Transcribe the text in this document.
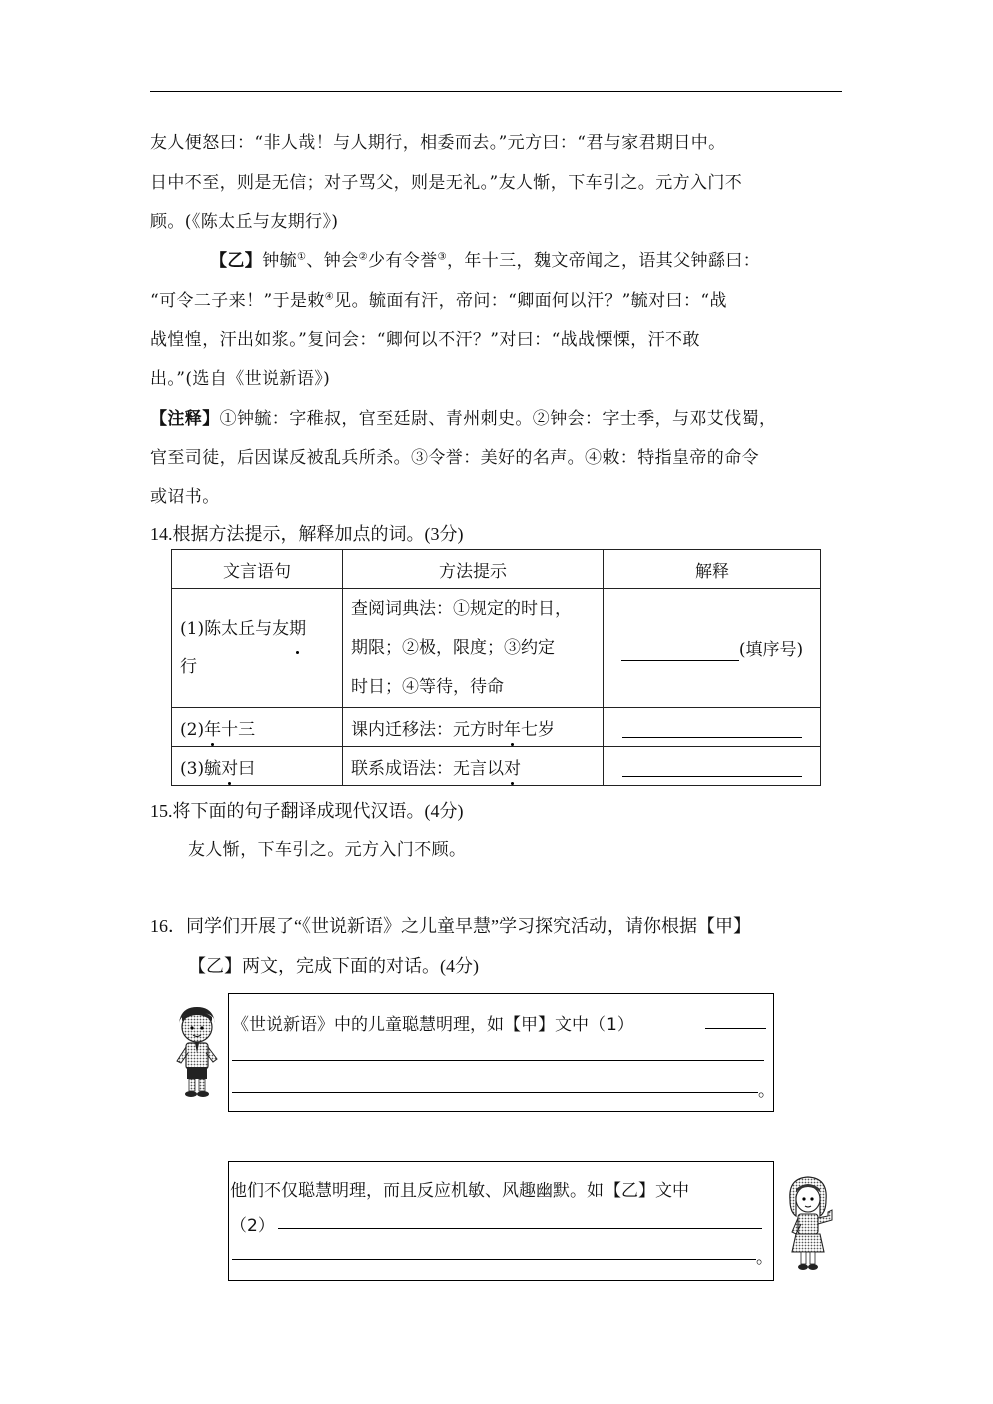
友人便怒曰：“非人哉！与人期行，相委而去。”元方曰：“君与家君期日中。
日中不至，则是无信；对子骂父，则是无礼。”友人惭，下车引之。元方入门不
顾。(《陈太丘与友期行》)
【乙】钟毓①、钟会②少有令誉③，年十三，魏文帝闻之，语其父钟繇曰：
“可令二子来！”于是敕④见。毓面有汗，帝问：“卿面何以汗？”毓对曰：“战
战惶惶，汗出如浆。”复问会：“卿何以不汗？”对曰：“战战慄慄，汗不敢
出。”(选自《世说新语》)
【注释】①钟毓：字稚叔，官至廷尉、青州刺史。②钟会：字士季，与邓艾伐蜀，
官至司徒，后因谋反被乱兵所杀。③令誉：美好的名声。④敕：特指皇帝的命令
或诏书。
14.根据方法提示，解释加点的词。(3分)
文言语句	方法提示	解释
(1)陈太丘与友期
行	查阅词典法：①规定的时日，
期限；②极，限度；③约定
时日；④等待，待命	(填序号)
(2)年十三	课内迁移法：元方时年七岁	
(3)毓对曰	联系成语法：无言以对	
15.将下面的句子翻译成现代汉语。(4分)
友人惭，下车引之。元方入门不顾。
16．同学们开展了“《世说新语》之儿童早慧”学习探究活动，请你根据【甲】
【乙】两文，完成下面的对话。(4分)
《世说新语》中的儿童聪慧明理，如【甲】文中（1）
。
他们不仅聪慧明理，而且反应机敏、风趣幽默。如【乙】文中
（2）
。
